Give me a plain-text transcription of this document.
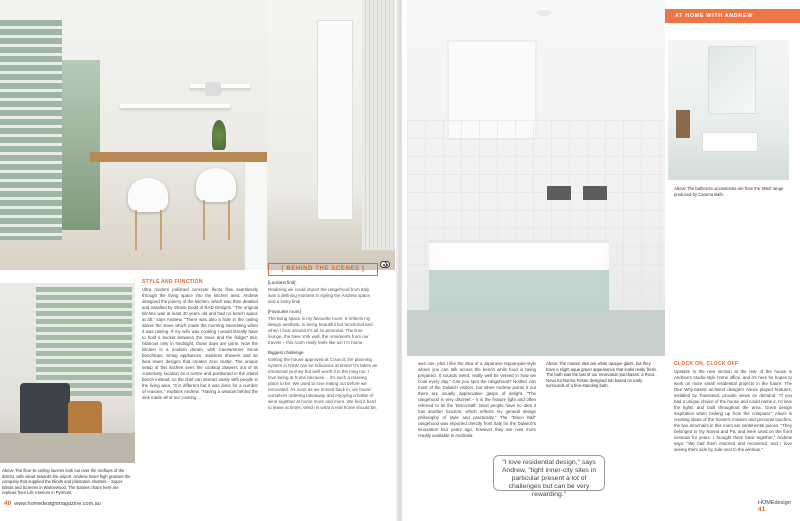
STYLE AND FUNCTION
Ultra modern polished concrete floors flow seamlessly through the living space into the kitchen area. Andrew designed the joinery of the kitchen, which was then detailed and installed by Shane Dodd of RAD Designs. "The original kitchen was at least 40 years old and had no bench space at all," says Andrew. "There was also a hole in the ceiling above the stove which made the morning interesting when it was raining. If my wife was cooking I would literally have to hold a bucket between the stove and the fridge!" But, hilarious only in hindsight, those days are gone. Now the kitchen is a modern dream, with Caesarstone Snow benchtops, Smeg appliances, stainless drawers and an Ikea tower designs that creates zero clutter. The unique setup of this kitchen sees the cooktop drawers out of its customary location as a centre and positioned in the island bench instead, so the chef can interact easily with people in the living area. "It is different but it was done for a number of reasons," explains Andrew. "Having a window behind the sink made all of our cooking ...
Above The floor-to-ceiling louvres look out over the rooftops of the district, with views towards the airport. Andrew loves high grasses the company that supplied the blinds and plantation shutters – Super Blinds and Screens in Warriewood. The Eames chairs here are replicas from Life Interiors in Pyrmont.
[ BEHIND THE SCENES ]
[Luckiest find]
Realising we could import the rangehood from Italy was a defining moment in styling the Andrew space, and a lucky find!
[Favourite room]
The living space is my favourite room. It reflects my design aesthetic in being beautiful but functional and when I look around it's all so personal. The lime lounge, the New York wall, the ornaments from our travels – this room really feels like us! I'm home.
Biggest challenge
Getting the house approved at Council; the planning system in NSW can be ridiculous at times! It's taken an emotional journey but well worth it in the long run. I love being at home because… it's such a relaxing place to be. We used to love eating out before we renovated. As soon as we moved back in, we found ourselves ordering takeaway and enjoying a bottle of wine together at home more and more. We find it hard to leave at times, which is what a real home should be.
40 www.homedesignmagazine.com.au
AT HOME WITH ANDREW
Above The bathroom accessories are from the 'Mistl' range produced by Caroma Bath.
was one, plus I like the idea of a Japanese teppanyaki-style where you can talk across the bench while food is being prepared. It sounds weird, really well be versed in how we cook every day." Can you spot the rangehood? Neither can most of the Dulwich visitors, but when Andrew points it out there are usually appreciative gasps of delight. "The rangehood is very discreet – it is the feature light and often referred to as the 'Disco-ball'. Most people have no idea it has another function, which reflects my general design philosophy of style and practicality." The "Disco Ball" rangehood was imported directly from Italy for the Dulwich's innovation four years ago, however they are now more readily available in Australia.
Above The mosaic tiles are white opaque glass, but they have a slight aqua green appearance that looks really fresh. The bath was the last of our renovation purchases: a Roca Nova Ko'Norma Foster designed tub based on early surrounds of a free-standing bath.
"I love residential design," says Andrew, "tight inner-city sites in particular present a lot of challenges but can be very rewarding."
CLOCK ON, CLOCK OFF
Upstairs in the new section at the rear of the house is Andrew's studio-style home office, and it's here he hopes to work on more small residential projects in the future. The Dee Why-based architect designer Alexis played features, installed by Townsend, provide views on demand. "If you had a unique choice of the house and could name it, I'd love the lights and built throughout the area. Great design inspiration when looking up from the computer." Alexis is creating ideas of the house's modern and personal touches, the two armchairs in this room are sentimental pieces. "They belonged to my Nonna and Pa, and were used on the front veranda for years. I brought them back together," Andrew says. "We had them restored and recovered, and I love seeing them side by side next to the window."
HOMEdesign  41
